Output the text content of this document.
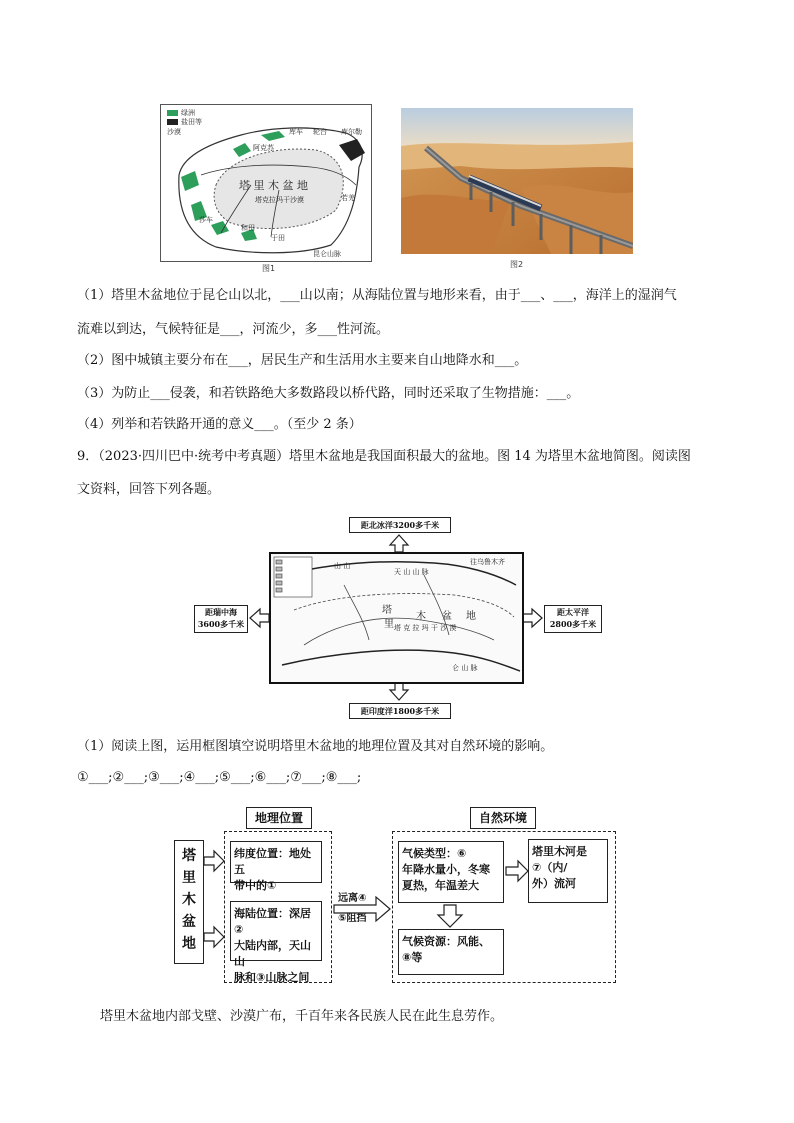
绿洲
盐田等
沙漠	库车 轮台 库尔勒
阿克苏
塔 里 木 盆 地
塔克拉玛干沙漠	若羌
莎车
和田
于田
昆仑山脉
图1	图2
（1）塔里木盆地位于昆仑山以北，___山以南；从海陆位置与地形来看，由于___、___，海洋上的湿润气
流难以到达，气候特征是___，河流少，多___性河流。
（2）图中城镇主要分布在___，居民生产和生活用水主要来自山地降水和___。
（3）为防止___侵袭，和若铁路绝大多数路段以桥代路，同时还采取了生物措施：___。
（4）列举和若铁路开通的意义___。（至少 2 条）
9．（2023·四川巴中·统考中考真题）塔里木盆地是我国面积最大的盆地。图 14 为塔里木盆地简图。阅读图
文资料，回答下列各题。
距北冰洋3200多千米
距印度洋1800多千米
距瑞中海
3600多千米
距太平洋
2800多千米
往乌鲁木齐
山 山
天 山 山 脉
塔
里
木 盆 地
塔 克 拉 玛 干 沙 漠
仑 山 脉
（1）阅读上图，运用框图填空说明塔里木盆地的地理位置及其对自然环境的影响。
①___;②___;③___;④___;⑤___;⑥___;⑦___;⑧___;
塔
里
木
盆
地
地理位置	自然环境
纬度位置：地处五
带中的①
海陆位置：深居②
大陆内部，天山山
脉和③山脉之间
远离④
⑤阻挡
气候类型：⑥
年降水量小，冬寒
夏热，年温差大
塔里木河是
⑦（内/
外）流河
气候资源：风能、
⑧等
塔里木盆地内部戈壁、沙漠广布，千百年来各民族人民在此生息劳作。
